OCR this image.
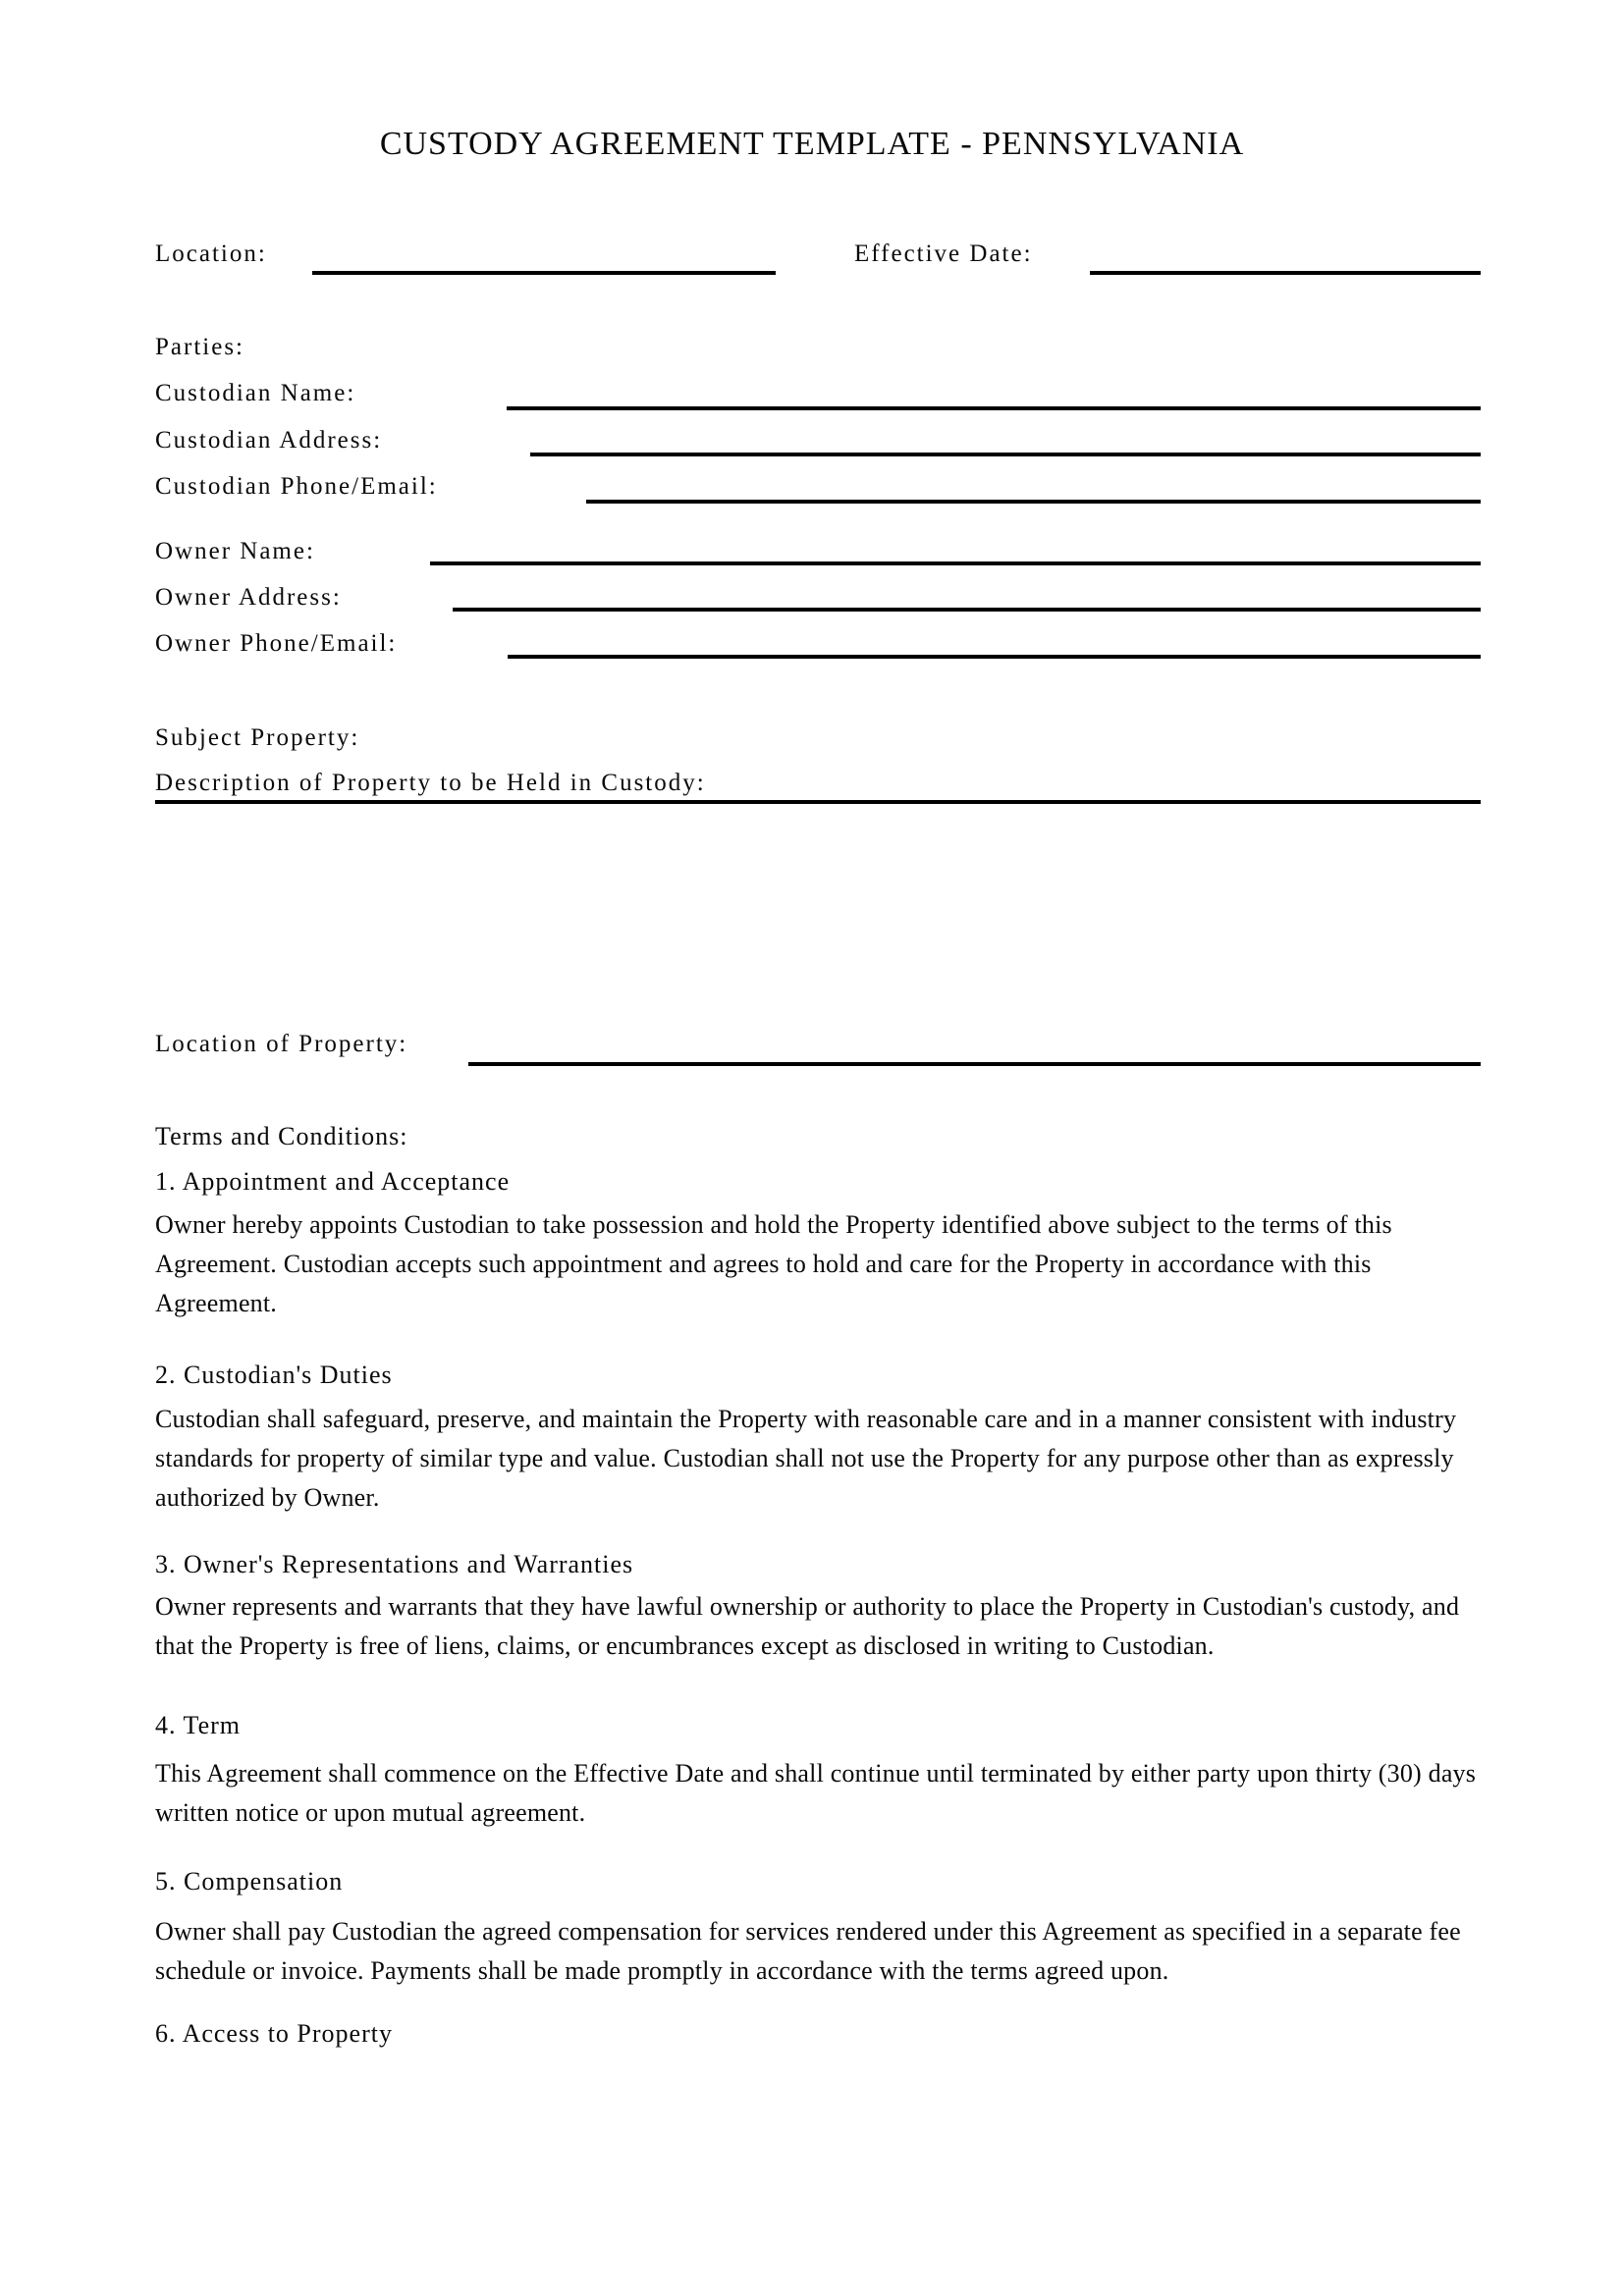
CUSTODY AGREEMENT TEMPLATE - PENNSYLVANIA
Location:	Effective Date:
Parties:
Custodian Name:
Custodian Address:
Custodian Phone/Email:
Owner Name:
Owner Address:
Owner Phone/Email:
Subject Property:
Description of Property to be Held in Custody:
Location of Property:
Terms and Conditions:
1. Appointment and Acceptance
Owner hereby appoints Custodian to take possession and hold the Property identified above subject to the terms of this Agreement. Custodian accepts such appointment and agrees to hold and care for the Property in accordance with this Agreement.
2. Custodian's Duties
Custodian shall safeguard, preserve, and maintain the Property with reasonable care and in a manner consistent with industry standards for property of similar type and value. Custodian shall not use the Property for any purpose other than as expressly authorized by Owner.
3. Owner's Representations and Warranties
Owner represents and warrants that they have lawful ownership or authority to place the Property in Custodian's custody, and that the Property is free of liens, claims, or encumbrances except as disclosed in writing to Custodian.
4. Term
This Agreement shall commence on the Effective Date and shall continue until terminated by either party upon thirty (30) days written notice or upon mutual agreement.
5. Compensation
Owner shall pay Custodian the agreed compensation for services rendered under this Agreement as specified in a separate fee schedule or invoice. Payments shall be made promptly in accordance with the terms agreed upon.
6. Access to Property
